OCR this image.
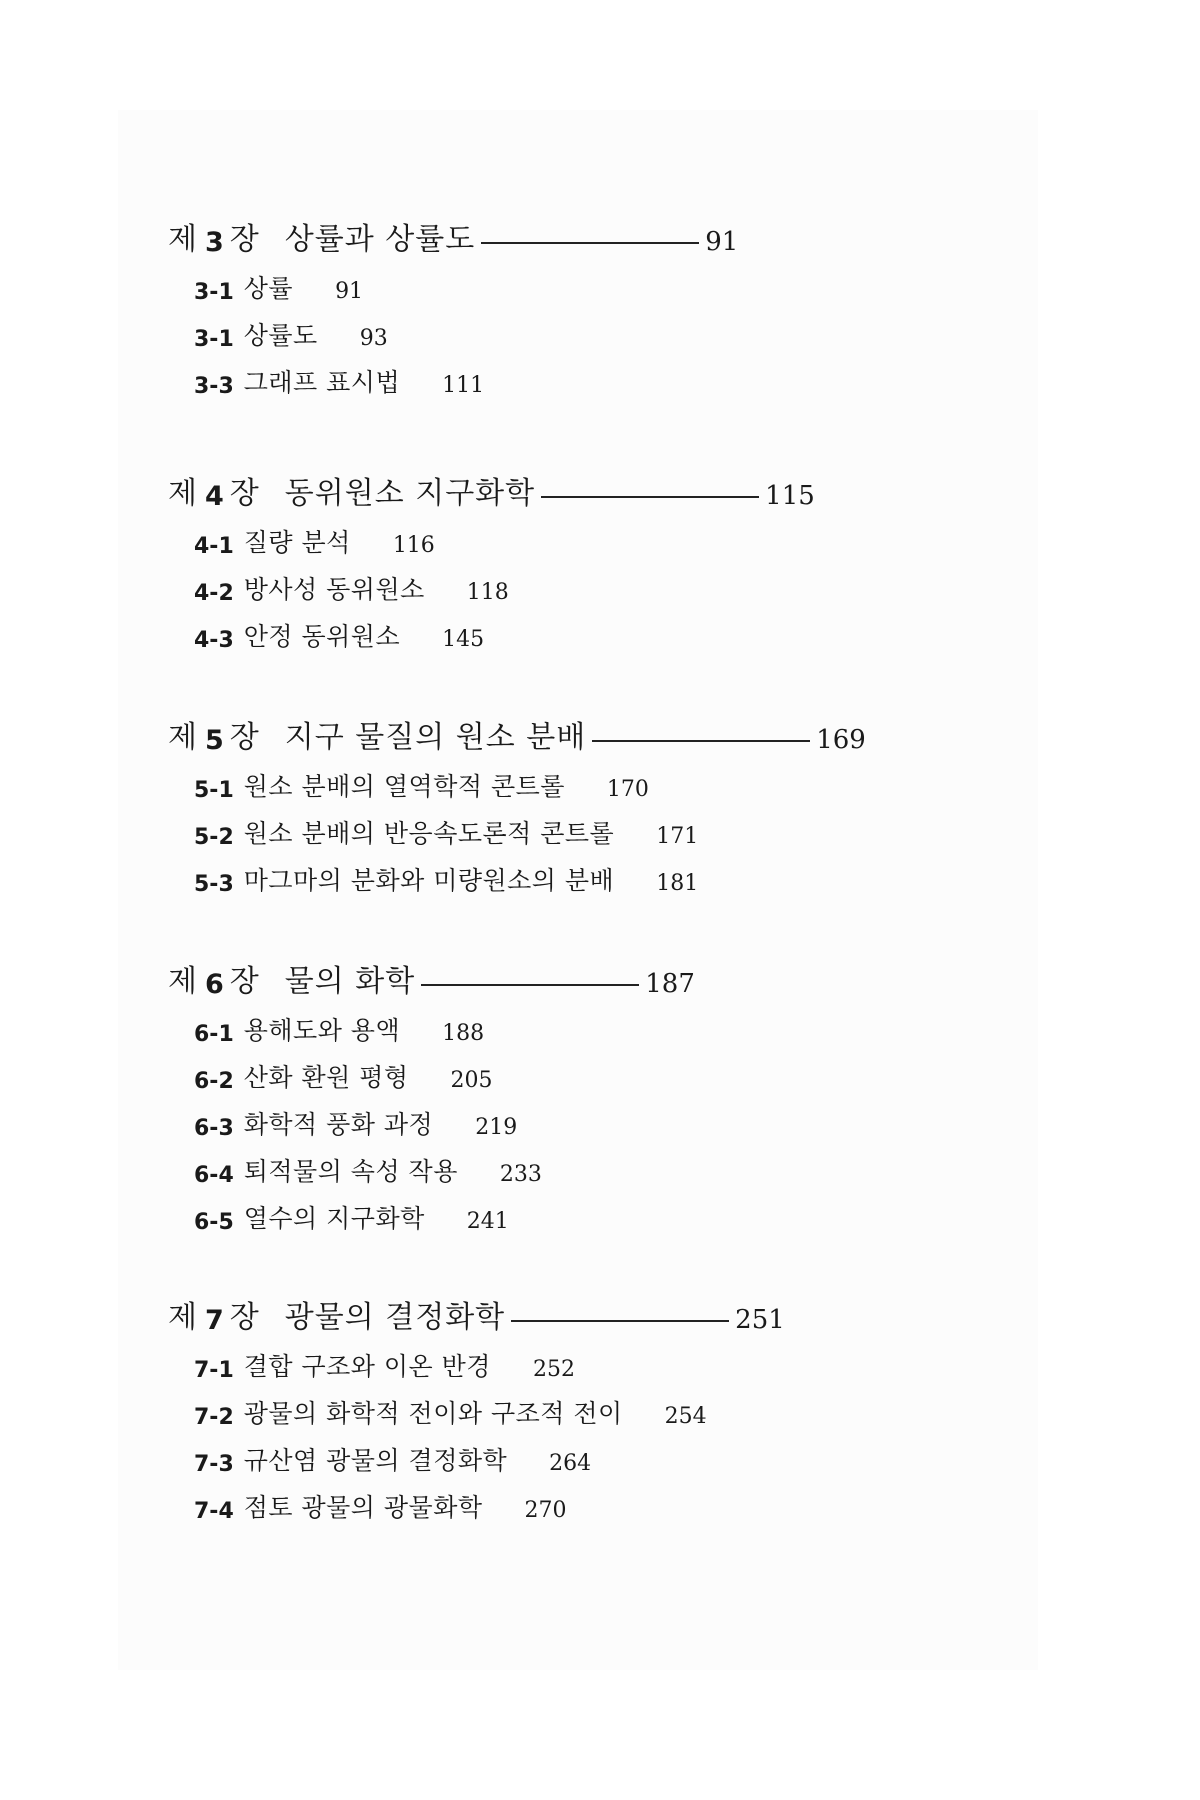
제 3 장 상률과 상률도	91
3-1 상률 91
3-1 상률도 93
3-3 그래프 표시법 111
제 4 장 동위원소 지구화학	115
4-1 질량 분석 116
4-2 방사성 동위원소 118
4-3 안정 동위원소 145
제 5 장 지구 물질의 원소 분배	169
5-1 원소 분배의 열역학적 콘트롤 170
5-2 원소 분배의 반응속도론적 콘트롤 171
5-3 마그마의 분화와 미량원소의 분배 181
제 6 장 물의 화학	187
6-1 용해도와 용액 188
6-2 산화 환원 평형 205
6-3 화학적 풍화 과정 219
6-4 퇴적물의 속성 작용 233
6-5 열수의 지구화학 241
제 7 장 광물의 결정화학	251
7-1 결합 구조와 이온 반경 252
7-2 광물의 화학적 전이와 구조적 전이 254
7-3 규산염 광물의 결정화학 264
7-4 점토 광물의 광물화학 270
